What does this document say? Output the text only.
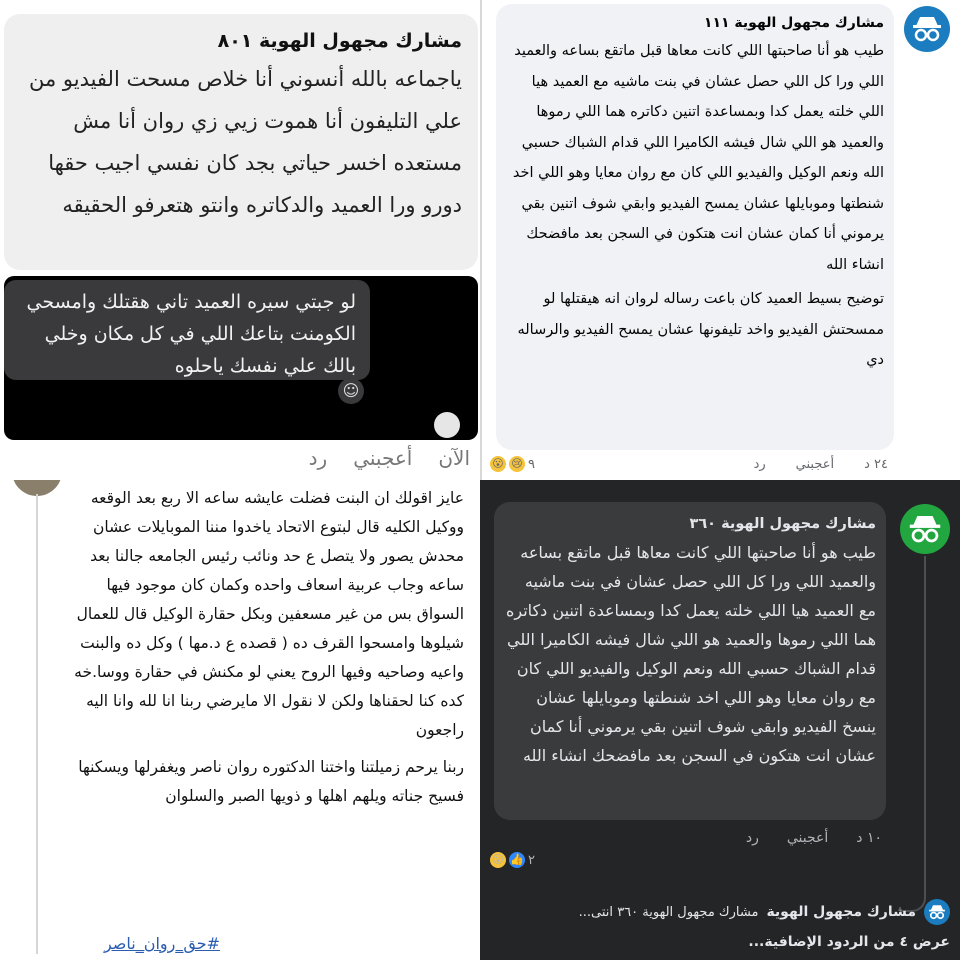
مشارك مجهول الهوية ٨٠١
ياجماعه بالله أنسوني أنا خلاص مسحت الفيديو من علي التليفون أنا هموت زيي زي روان أنا مش مستعده اخسر حياتي بجد كان نفسي اجيب حقها دورو ورا العميد والدكاتره وانتو هتعرفو الحقيقه
لو جبتي سيره العميد تاني هقتلك وامسحي الكومنت بتاعك اللي في كل مكان وخلي بالك علي نفسك ياحلوه
☺
الآن
أعجبني
رد
مشارك مجهول الهوية ١١١

طيب هو أنا صاحبتها اللي كانت معاها قبل ماتقع بساعه والعميد اللي ورا كل اللي حصل عشان في بنت ماشيه مع العميد هيا اللي خلته يعمل كدا وبمساعدة اتنين دكاتره هما اللي رموها والعميد هو اللي شال فيشه الكاميرا اللي قدام الشباك حسبي الله ونعم الوكيل والفيديو اللي كان مع روان معايا وهو اللي اخد شنطتها وموبايلها عشان يمسح الفيديو وابقي شوف اتنين بقي يرموني أنا كمان عشان انت هتكون في السجن بعد مافضحك انشاء الله

توضيح بسيط العميد كان باعت رساله لروان انه هيقتلها لو ممسحتش الفيديو واخد تليفونها عشان يمسح الفيديو والرساله دي

٢٤ د
أعجبني
رد
😮 😢 ٩

عايز اقولك ان البنت فضلت عايشه ساعه الا ربع بعد الوقعه ووكيل الكليه قال لبتوع الاتحاد ياخدوا مننا الموبايلات عشان محدش يصور ولا يتصل ع حد ونائب رئيس الجامعه جالنا بعد ساعه وجاب عربية اسعاف واحده وكمان كان موجود فيها السواق بس من غير مسعفين وبكل حقارة الوكيل قال للعمال شيلوها وامسحوا القرف ده ( قصده ع د.مها ) وكل ده والبنت واعيه وصاحيه وفيها الروح يعني لو مكنش في حقارة ووسا.خه كده كنا لحقناها ولكن لا نقول الا مايرضي ربنا انا لله وانا اليه راجعون

ربنا يرحم زميلتنا واختنا الدكتوره روان ناصر ويغفرلها ويسكنها فسيح جناته ويلهم اهلها و ذويها الصبر والسلوان

#حق_روان_ناصر
مشارك مجهول الهوية ٣٦٠
طيب هو أنا صاحبتها اللي كانت معاها قبل ماتقع بساعه والعميد اللي ورا كل اللي حصل عشان في بنت ماشيه مع العميد هيا اللي خلته يعمل كدا وبمساعدة اتنين دكاتره هما اللي رموها والعميد هو اللي شال فيشه الكاميرا اللي قدام الشباك حسبي الله ونعم الوكيل والفيديو اللي كان مع روان معايا وهو اللي اخد شنطتها وموبايلها عشان ينسخ الفيديو وابقي شوف اتنين بقي يرموني أنا كمان عشان انت هتكون في السجن بعد مافضحك انشاء الله
١٠ د
أعجبني
رد
😮 👍 ٢
مشارك مجهول الهوية
مشارك مجهول الهوية ٣٦٠ انتى...
عرض ٤ من الردود الإضافية...
